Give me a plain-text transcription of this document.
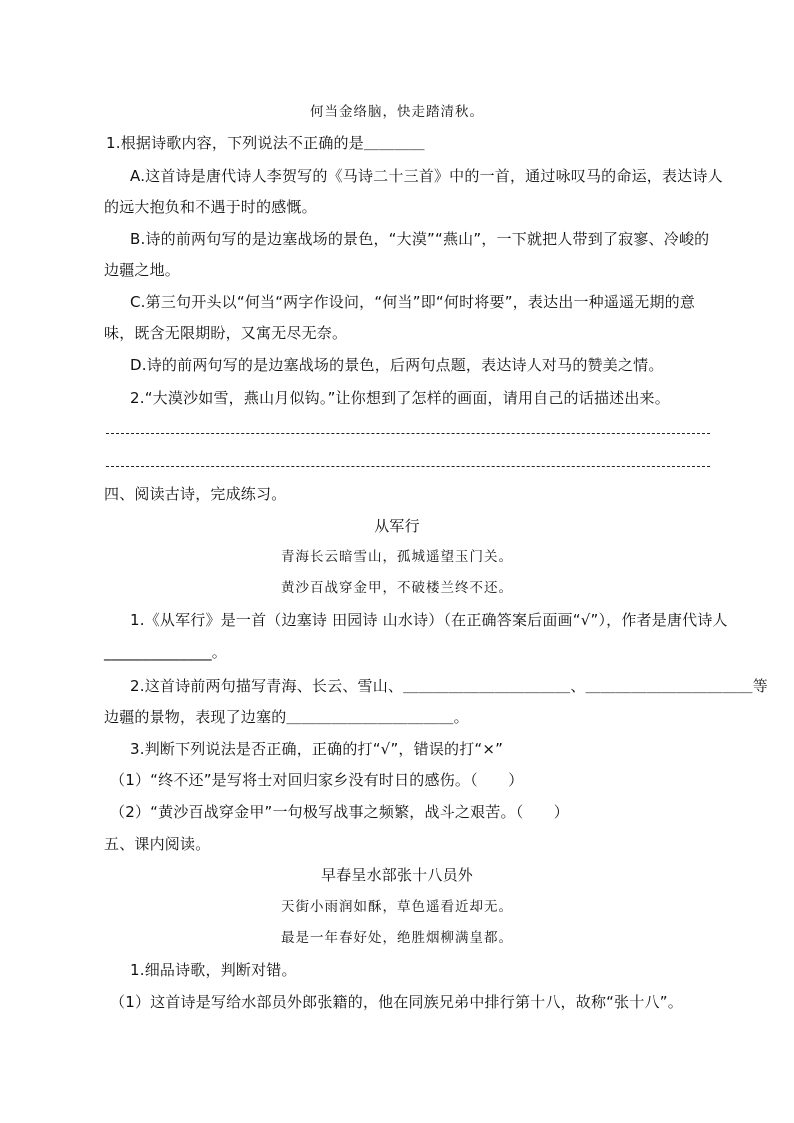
何当金络脑，快走踏清秋。
1.根据诗歌内容，下列说法不正确的是＿＿＿＿
A.这首诗是唐代诗人李贺写的《马诗二十三首》中的一首，通过咏叹马的命运，表达诗人
的远大抱负和不遇于时的感慨。
B.诗的前两句写的是边塞战场的景色，“大漠”“燕山”，一下就把人带到了寂寥、冷峻的
边疆之地。
C.第三句开头以“何当“两字作设问，“何当”即“何时将要”，表达出一种遥遥无期的意
味，既含无限期盼，又寓无尽无奈。
D.诗的前两句写的是边塞战场的景色，后两句点题，表达诗人对马的赞美之情。
2.“大漠沙如雪，燕山月似钩。”让你想到了怎样的画面，请用自己的话描述出来。
四、阅读古诗，完成练习。
从军行
青海长云暗雪山，孤城遥望玉门关。
黄沙百战穿金甲，不破楼兰终不还。
1.《从军行》是一首（边塞诗 田园诗 山水诗）（在正确答案后面画“√”），作者是唐代诗人
______________。
2.这首诗前两句描写青海、长云、雪山、＿＿＿＿＿＿＿＿＿＿＿、＿＿＿＿＿＿＿＿＿＿＿等
边疆的景物，表现了边塞的＿＿＿＿＿＿＿＿＿＿＿。
3.判断下列说法是否正确，正确的打“√”，错误的打“×”
（1）“终不还”是写将士对回归家乡没有时日的感伤。（　　）
（2）“黄沙百战穿金甲”一句极写战事之频繁，战斗之艰苦。（　　）
五、课内阅读。
早春呈水部张十八员外
天街小雨润如酥，草色遥看近却无。
最是一年春好处，绝胜烟柳满皇都。
1.细品诗歌，判断对错。
（1）这首诗是写给水部员外郎张籍的，他在同族兄弟中排行第十八，故称“张十八”。
